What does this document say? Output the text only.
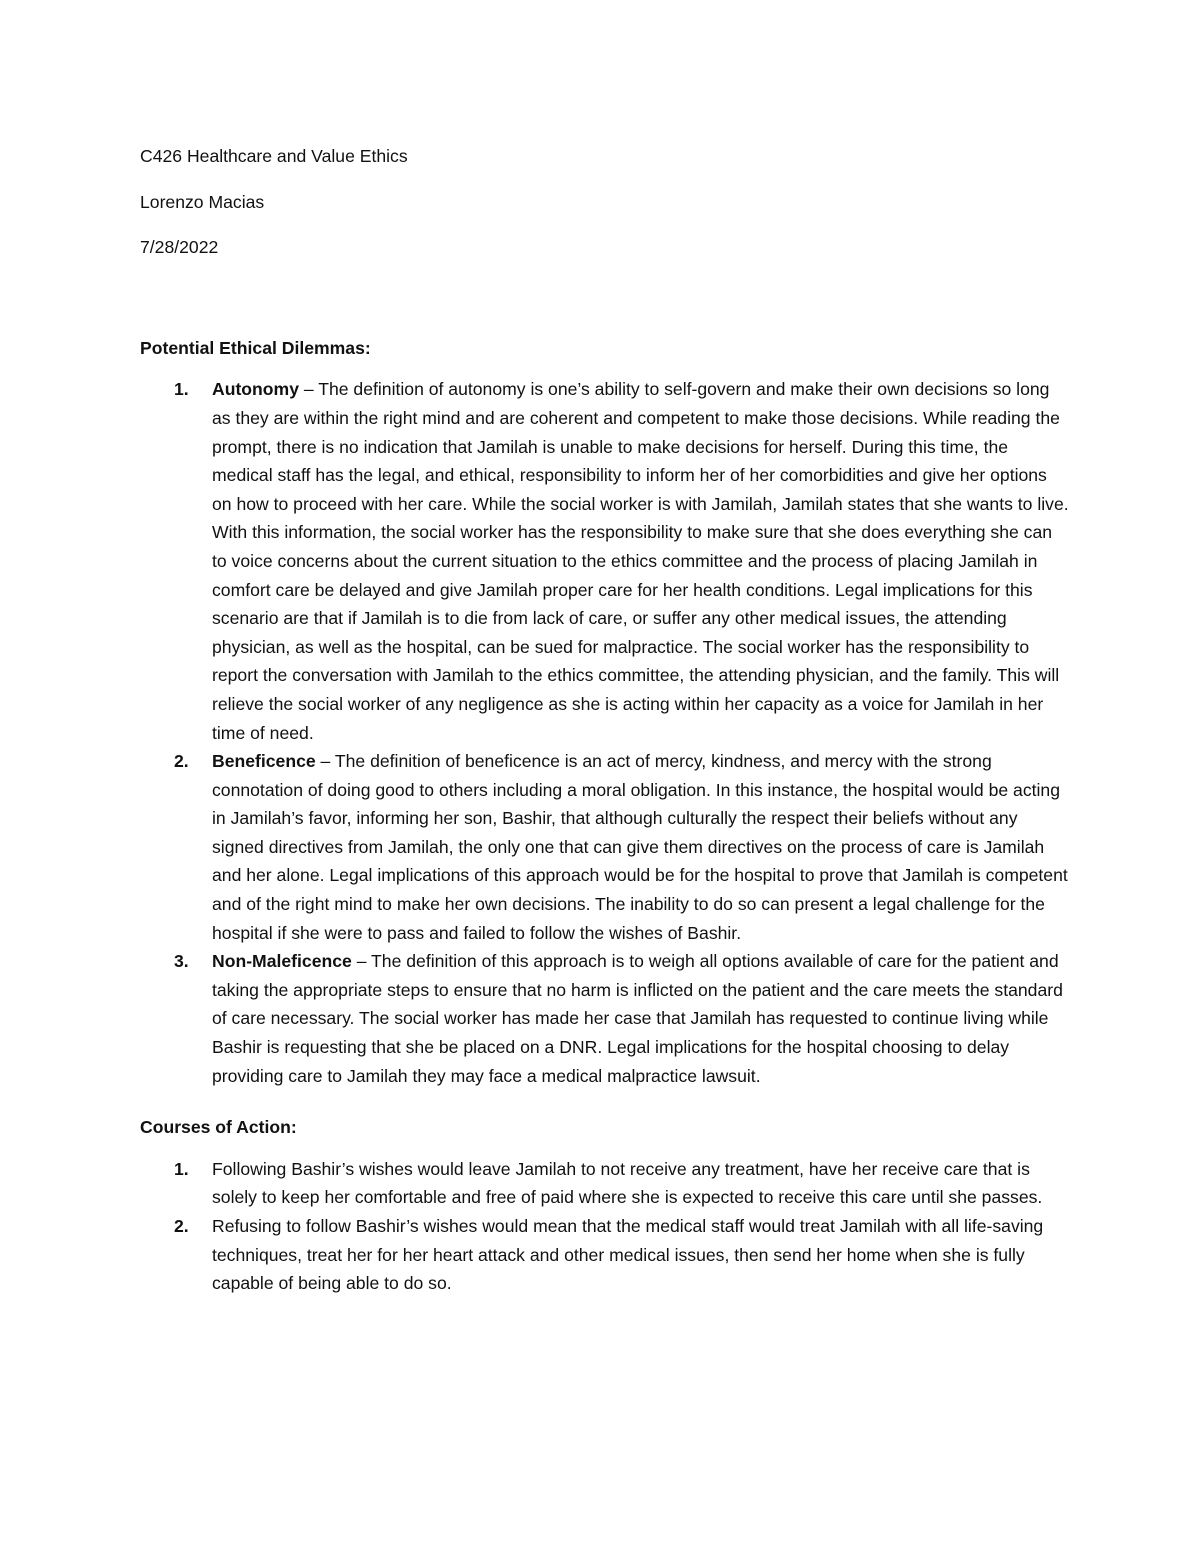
C426 Healthcare and Value Ethics

Lorenzo Macias

7/28/2022

Potential Ethical Dilemmas:

1. Autonomy – The definition of autonomy is one’s ability to self-govern and make their own decisions so long as they are within the right mind and are coherent and competent to make those decisions. While reading the prompt, there is no indication that Jamilah is unable to make decisions for herself. During this time, the medical staff has the legal, and ethical, responsibility to inform her of her comorbidities and give her options on how to proceed with her care. While the social worker is with Jamilah, Jamilah states that she wants to live. With this information, the social worker has the responsibility to make sure that she does everything she can to voice concerns about the current situation to the ethics committee and the process of placing Jamilah in comfort care be delayed and give Jamilah proper care for her health conditions. Legal implications for this scenario are that if Jamilah is to die from lack of care, or suffer any other medical issues, the attending physician, as well as the hospital, can be sued for malpractice. The social worker has the responsibility to report the conversation with Jamilah to the ethics committee, the attending physician, and the family. This will relieve the social worker of any negligence as she is acting within her capacity as a voice for Jamilah in her time of need.
2. Beneficence – The definition of beneficence is an act of mercy, kindness, and mercy with the strong connotation of doing good to others including a moral obligation. In this instance, the hospital would be acting in Jamilah’s favor, informing her son, Bashir, that although culturally the respect their beliefs without any signed directives from Jamilah, the only one that can give them directives on the process of care is Jamilah and her alone. Legal implications of this approach would be for the hospital to prove that Jamilah is competent and of the right mind to make her own decisions. The inability to do so can present a legal challenge for the hospital if she were to pass and failed to follow the wishes of Bashir.
3. Non-Maleficence – The definition of this approach is to weigh all options available of care for the patient and taking the appropriate steps to ensure that no harm is inflicted on the patient and the care meets the standard of care necessary. The social worker has made her case that Jamilah has requested to continue living while Bashir is requesting that she be placed on a DNR. Legal implications for the hospital choosing to delay providing care to Jamilah they may face a medical malpractice lawsuit.

Courses of Action:

1. Following Bashir’s wishes would leave Jamilah to not receive any treatment, have her receive care that is solely to keep her comfortable and free of paid where she is expected to receive this care until she passes.
2. Refusing to follow Bashir’s wishes would mean that the medical staff would treat Jamilah with all life-saving techniques, treat her for her heart attack and other medical issues, then send her home when she is fully capable of being able to do so.
